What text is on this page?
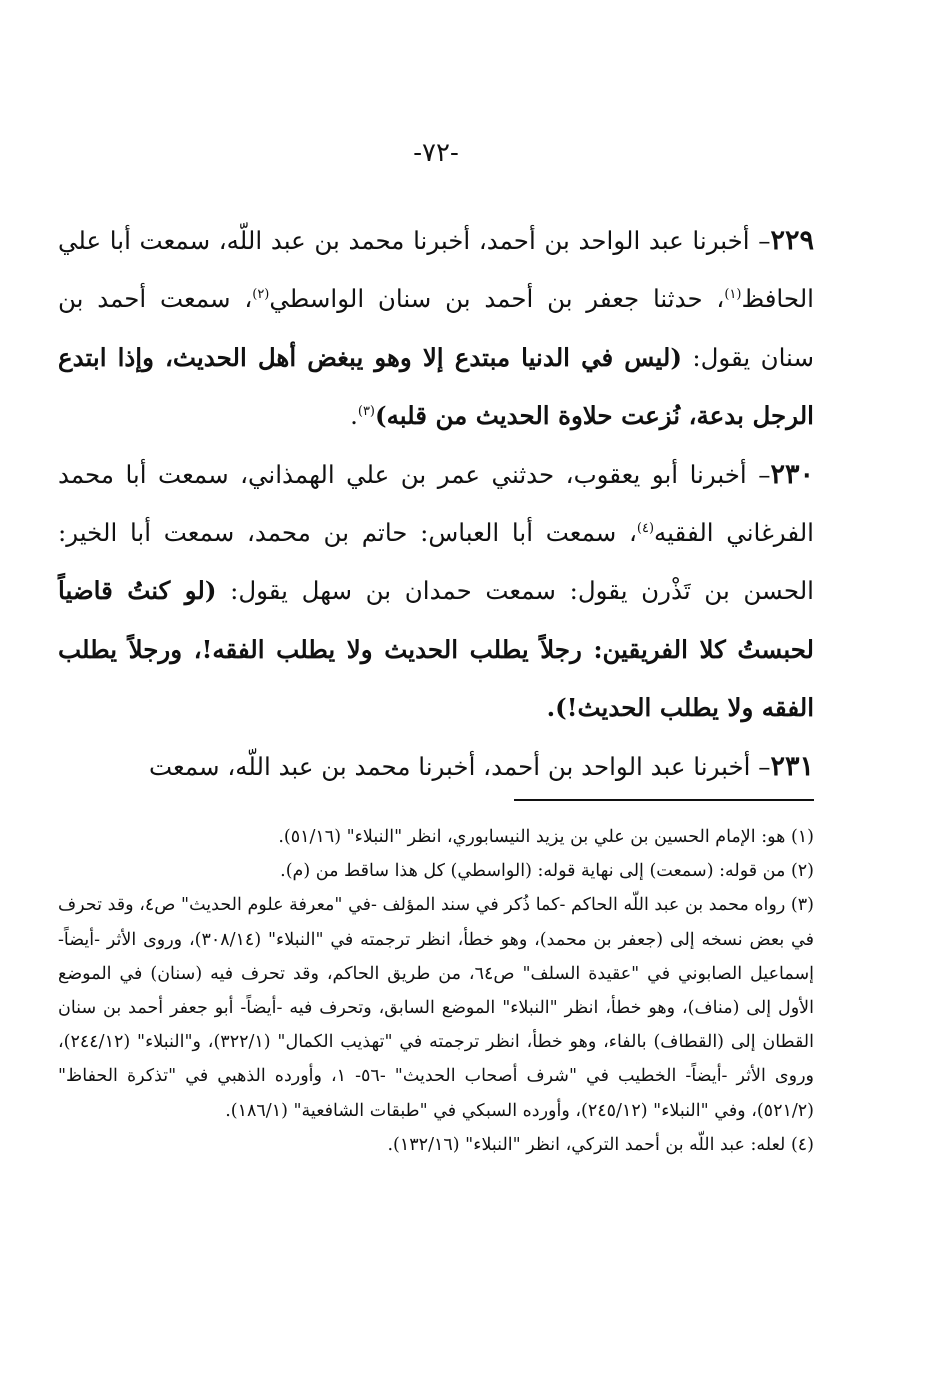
-٧٢-

٢٢٩– أخبرنا عبد الواحد بن أحمد، أخبرنا محمد بن عبد اللّه، سمعت أبا علي الحافظ$^{(١)}$، حدثنا جعفر بن أحمد بن سنان الواسطي$^{(٢)}$، سمعت أحمد بن سنان يقول: (ليس في الدنيا مبتدع إلا وهو يبغض أهل الحديث، وإذا ابتدع الرجل بدعة، نُزعت حلاوة الحديث من قلبه)$^{(٣)}$.

٢٣٠– أخبرنا أبو يعقوب، حدثني عمر بن علي الهمذاني، سمعت أبا محمد الفرغاني الفقيه$^{(٤)}$، سمعت أبا العباس: حاتم بن محمد، سمعت أبا الخير: الحسن بن تَذْرن يقول: سمعت حمدان بن سهل يقول: (لو كنتُ قاضياً لحبستُ كلا الفريقين: رجلاً يطلب الحديث ولا يطلب الفقه!، ورجلاً يطلب الفقه ولا يطلب الحديث!).

٢٣١– أخبرنا عبد الواحد بن أحمد، أخبرنا محمد بن عبد اللّه، سمعت

(١) هو: الإمام الحسين بن علي بن يزيد النيسابوري، انظر "النبلاء" (٥١/١٦).

(٢) من قوله: (سمعت) إلى نهاية قوله: (الواسطي) كل هذا ساقط من (م).

(٣) رواه محمد بن عبد اللّه الحاكم -كما ذُكر في سند المؤلف -في "معرفة علوم الحديث" ص٤، وقد تحرف في بعض نسخه إلى (جعفر بن محمد)، وهو خطأ، انظر ترجمته في "النبلاء" (٣٠٨/١٤)، وروى الأثر -أيضاً- إسماعيل الصابوني في "عقيدة السلف" ص٦٤، من طريق الحاكم، وقد تحرف فيه (سنان) في الموضع الأول إلى (مناف)، وهو خطأ، انظر "النبلاء" الموضع السابق، وتحرف فيه -أيضاً- أبو جعفر أحمد بن سنان القطان إلى (القطاف) بالفاء، وهو خطأ، انظر ترجمته في "تهذيب الكمال" (٣٢٢/١)، و"النبلاء" (٢٤٤/١٢)، وروى الأثر -أيضاً- الخطيب في "شرف أصحاب الحديث" -٥٦- ١، وأورده الذهبي في "تذكرة الحفاظ" (٥٢١/٢)، وفي "النبلاء" (٢٤٥/١٢)، وأورده السبكي في "طبقات الشافعية" (١٨٦/١).

(٤) لعله: عبد اللّه بن أحمد التركي، انظر "النبلاء" (١٣٢/١٦).
